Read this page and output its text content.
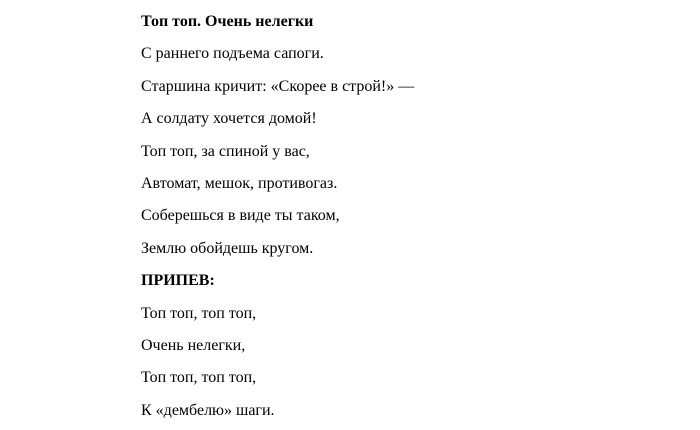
Топ топ. Очень нелегки
С раннего подъема сапоги.
Старшина кричит: «Скорее в строй!» —
А солдату хочется домой!
Топ топ, за спиной у вас,
Автомат, мешок, противогаз.
Соберешься в виде ты таком,
Землю обойдешь кругом.
ПРИПЕВ:
Топ топ, топ топ,
Очень нелегки,
Топ топ, топ топ,
К «дембелю» шаги.
